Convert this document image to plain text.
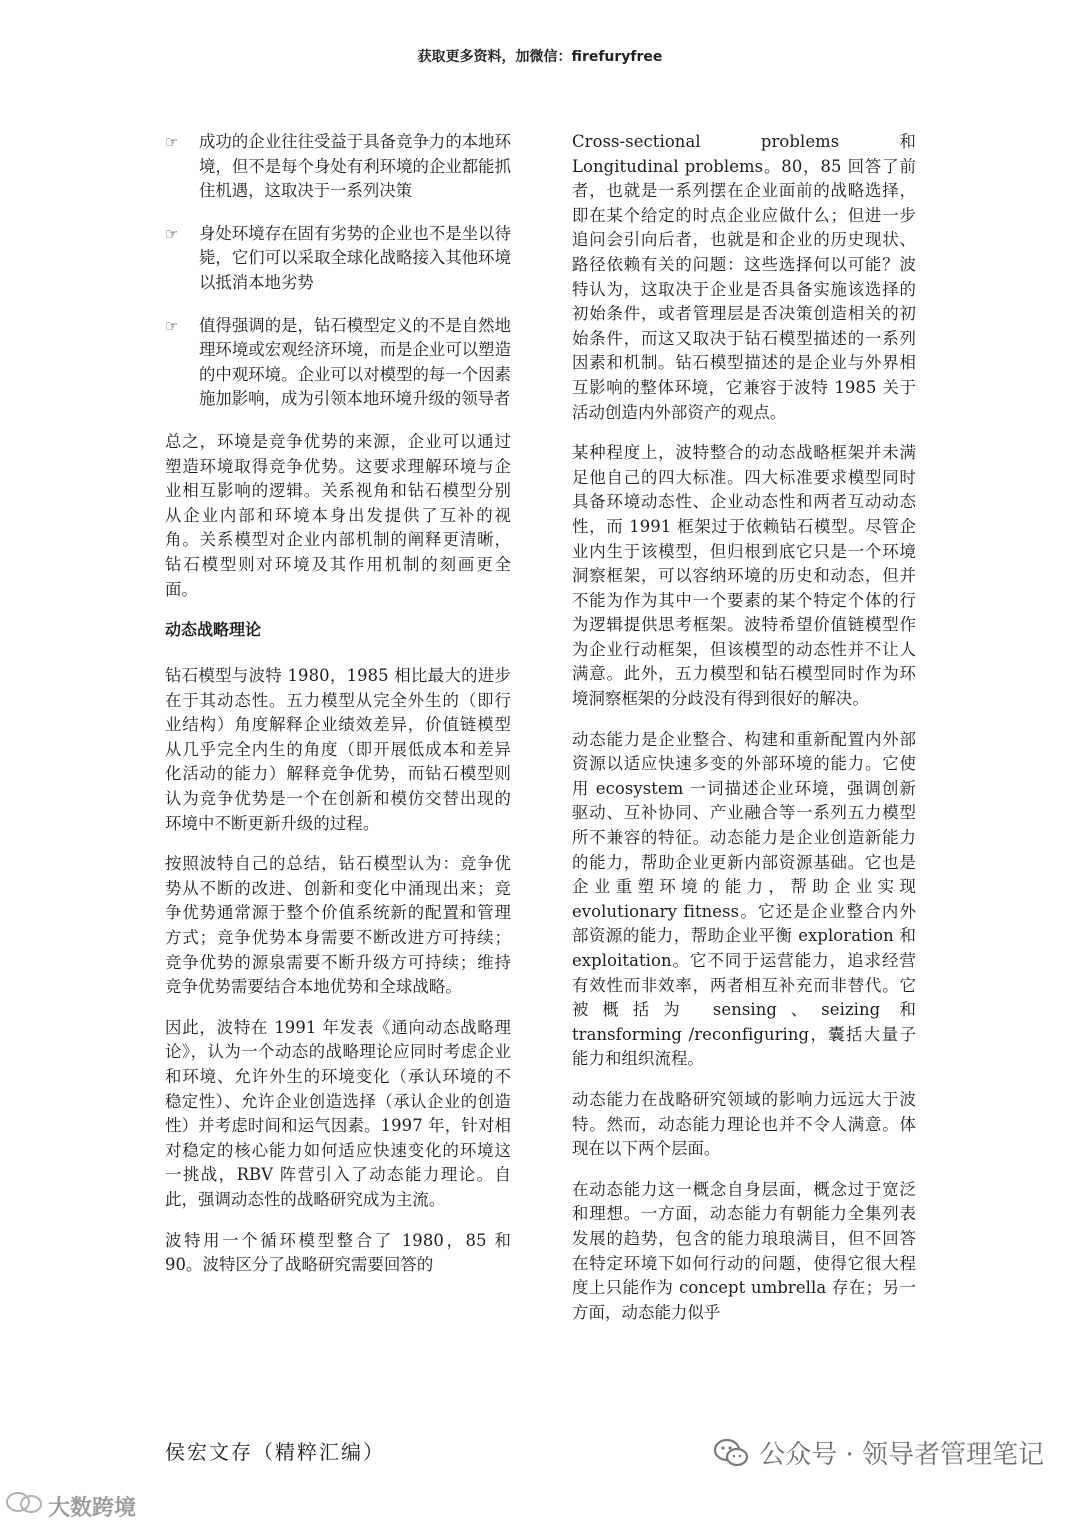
获取更多资料，加微信：firefuryfree
☞	成功的企业往往受益于具备竞争力的本地环境，但不是每个身处有利环境的企业都能抓住机遇，这取决于一系列决策
☞	身处环境存在固有劣势的企业也不是坐以待毙，它们可以采取全球化战略接入其他环境以抵消本地劣势
☞	值得强调的是，钻石模型定义的不是自然地理环境或宏观经济环境，而是企业可以塑造的中观环境。企业可以对模型的每一个因素施加影响，成为引领本地环境升级的领导者

总之，环境是竞争优势的来源，企业可以通过塑造环境取得竞争优势。这要求理解环境与企业相互影响的逻辑。关系视角和钻石模型分别从企业内部和环境本身出发提供了互补的视角。关系模型对企业内部机制的阐释更清晰，钻石模型则对环境及其作用机制的刻画更全面。

动态战略理论

钻石模型与波特 1980，1985 相比最大的进步在于其动态性。五力模型从完全外生的（即行业结构）角度解释企业绩效差异，价值链模型从几乎完全内生的角度（即开展低成本和差异化活动的能力）解释竞争优势，而钻石模型则认为竞争优势是一个在创新和模仿交替出现的环境中不断更新升级的过程。

按照波特自己的总结，钻石模型认为：竞争优势从不断的改进、创新和变化中涌现出来；竞争优势通常源于整个价值系统新的配置和管理方式；竞争优势本身需要不断改进方可持续；竞争优势的源泉需要不断升级方可持续；维持竞争优势需要结合本地优势和全球战略。

因此，波特在 1991 年发表《通向动态战略理论》，认为一个动态的战略理论应同时考虑企业和环境、允许外生的环境变化（承认环境的不稳定性）、允许企业创造选择（承认企业的创造性）并考虑时间和运气因素。1997 年，针对相对稳定的核心能力如何适应快速变化的环境这一挑战，RBV 阵营引入了动态能力理论。自此，强调动态性的战略研究成为主流。

波特用一个循环模型整合了 1980，85 和 90。波特区分了战略研究需要回答的

Cross-sectional problems 和 Longitudinal problems。80，85 回答了前者，也就是一系列摆在企业面前的战略选择，即在某个给定的时点企业应做什么；但进一步追问会引向后者，也就是和企业的历史现状、路径依赖有关的问题：这些选择何以可能？波特认为，这取决于企业是否具备实施该选择的初始条件，或者管理层是否决策创造相关的初始条件，而这又取决于钻石模型描述的一系列因素和机制。钻石模型描述的是企业与外界相互影响的整体环境，它兼容于波特 1985 关于活动创造内外部资产的观点。

某种程度上，波特整合的动态战略框架并未满足他自己的四大标准。四大标准要求模型同时具备环境动态性、企业动态性和两者互动动态性，而 1991 框架过于依赖钻石模型。尽管企业内生于该模型，但归根到底它只是一个环境洞察框架，可以容纳环境的历史和动态，但并不能为作为其中一个要素的某个特定个体的行为逻辑提供思考框架。波特希望价值链模型作为企业行动框架，但该模型的动态性并不让人满意。此外，五力模型和钻石模型同时作为环境洞察框架的分歧没有得到很好的解决。

动态能力是企业整合、构建和重新配置内外部资源以适应快速多变的外部环境的能力。它使用 ecosystem 一词描述企业环境，强调创新驱动、互补协同、产业融合等一系列五力模型所不兼容的特征。动态能力是企业创造新能力的能力，帮助企业更新内部资源基础。它也是企业重塑环境的能力，帮助企业实现 evolutionary fitness。它还是企业整合内外部资源的能力，帮助企业平衡 exploration 和 exploitation。它不同于运营能力，追求经营有效性而非效率，两者相互补充而非替代。它被概括为 sensing、seizing 和 transforming /reconfiguring，囊括大量子能力和组织流程。

动态能力在战略研究领域的影响力远远大于波特。然而，动态能力理论也并不令人满意。体现在以下两个层面。

在动态能力这一概念自身层面，概念过于宽泛和理想。一方面，动态能力有朝能力全集列表发展的趋势，包含的能力琅琅满目，但不回答在特定环境下如何行动的问题，使得它很大程度上只能作为 concept umbrella 存在；另一方面，动态能力似乎

侯宏文存（精粹汇编）	公众号 · 领导者管理笔记
大数跨境
